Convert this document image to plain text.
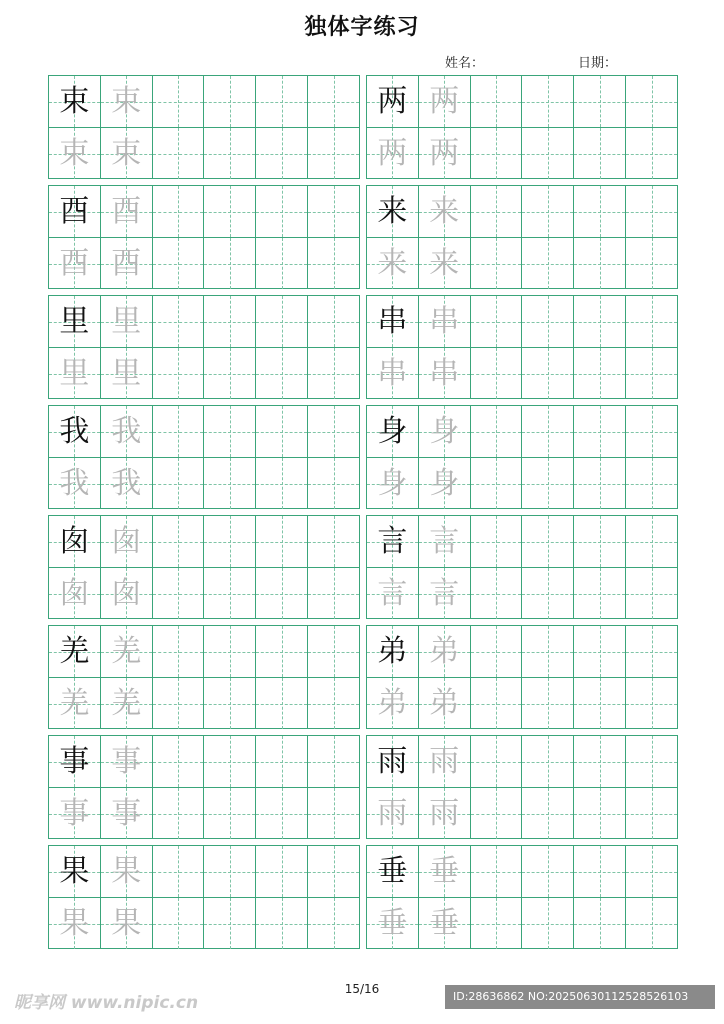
独体字练习
姓名：	日期：
束 束
束 束
酉 酉
酉 酉
里 里
里 里
我 我
我 我
囱 囱
囱 囱
羌 羌
羌 羌
事 事
事 事
果 果
果 果
两 两
两 两
来 来
来 来
串 串
串 串
身 身
身 身
言 言
言 言
弟 弟
弟 弟
雨 雨
雨 雨
垂 垂
垂 垂
15/16
昵享网 www.nipic.cn	ID:28636862 NO:20250630112528526103
